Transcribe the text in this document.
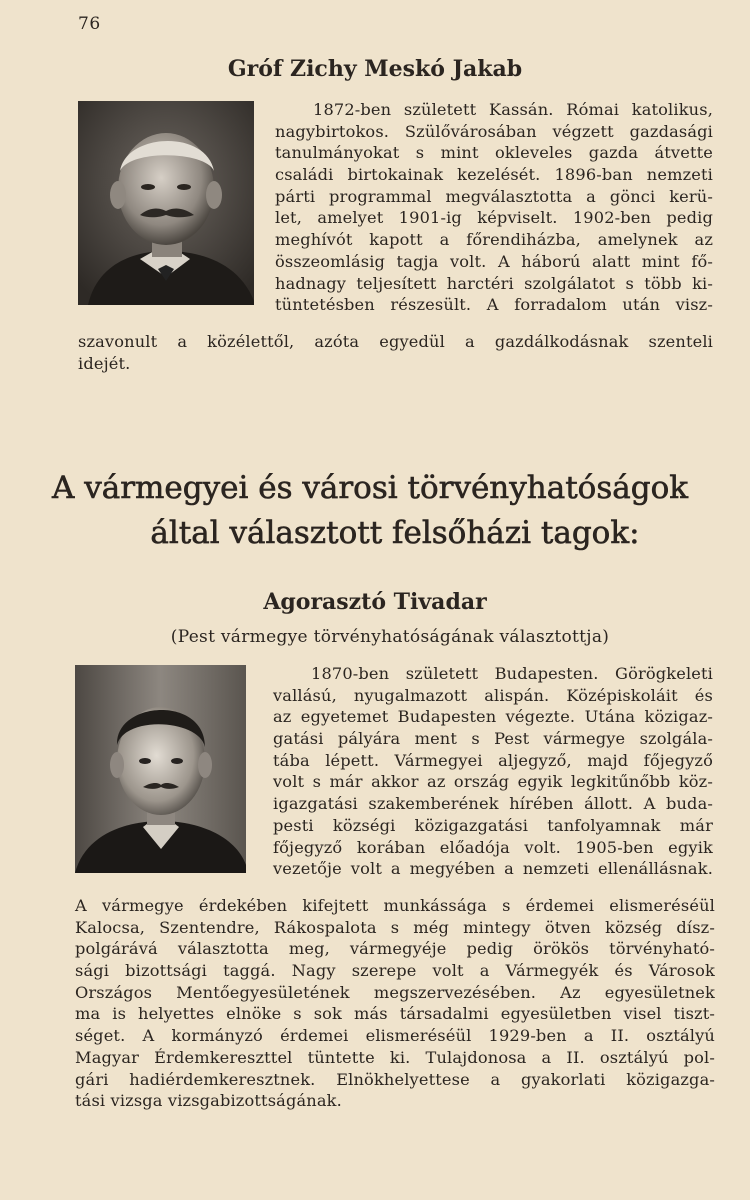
76
Gróf Zichy Meskó Jakab
1872-ben született Kassán. Római katolikus,
nagybirtokos. Szülővárosában végzett gazdasági
tanulmányokat s mint okleveles gazda átvette
családi birtokainak kezelését. 1896-ban nemzeti
párti programmal megválasztotta a gönci kerü-
let, amelyet 1901-ig képviselt. 1902-ben pedig
meghívót kapott a főrendiházba, amelynek az
összeomlásig tagja volt. A háború alatt mint fő-
hadnagy teljesített harctéri szolgálatot s több ki-
tüntetésben részesült. A forradalom után visz-
szavonult a közélettől, azóta egyedül a gazdálkodásnak szenteli
idejét.
A vármegyei és városi törvényhatóságok
által választott felsőházi tagok:
Agorasztó Tivadar
(Pest vármegye törvényhatóságának választottja)
1870-ben született Budapesten. Görögkeleti
vallású, nyugalmazott alispán. Középiskoláit és
az egyetemet Budapesten végezte. Utána közigaz-
gatási pályára ment s Pest vármegye szolgála-
tába lépett. Vármegyei aljegyző, majd főjegyző
volt s már akkor az ország egyik legkitűnőbb köz-
igazgatási szakemberének hírében állott. A buda-
pesti községi közigazgatási tanfolyamnak már
főjegyző korában előadója volt. 1905-ben egyik
vezetője volt a megyében a nemzeti ellenállásnak.
A vármegye érdekében kifejtett munkássága s érdemei elismeréséül
Kalocsa, Szentendre, Rákospalota s még mintegy ötven község dísz-
polgárává választotta meg, vármegyéje pedig örökös törvényható-
sági bizottsági taggá. Nagy szerepe volt a Vármegyék és Városok
Országos Mentőegyesületének megszervezésében. Az egyesületnek
ma is helyettes elnöke s sok más társadalmi egyesületben visel tiszt-
séget. A kormányzó érdemei elismeréséül 1929-ben a II. osztályú
Magyar Érdemkereszttel tüntette ki. Tulajdonosa a II. osztályú pol-
gári hadiérdemkeresztnek. Elnökhelyettese a gyakorlati közigazga-
tási vizsga vizsgabizottságának.
